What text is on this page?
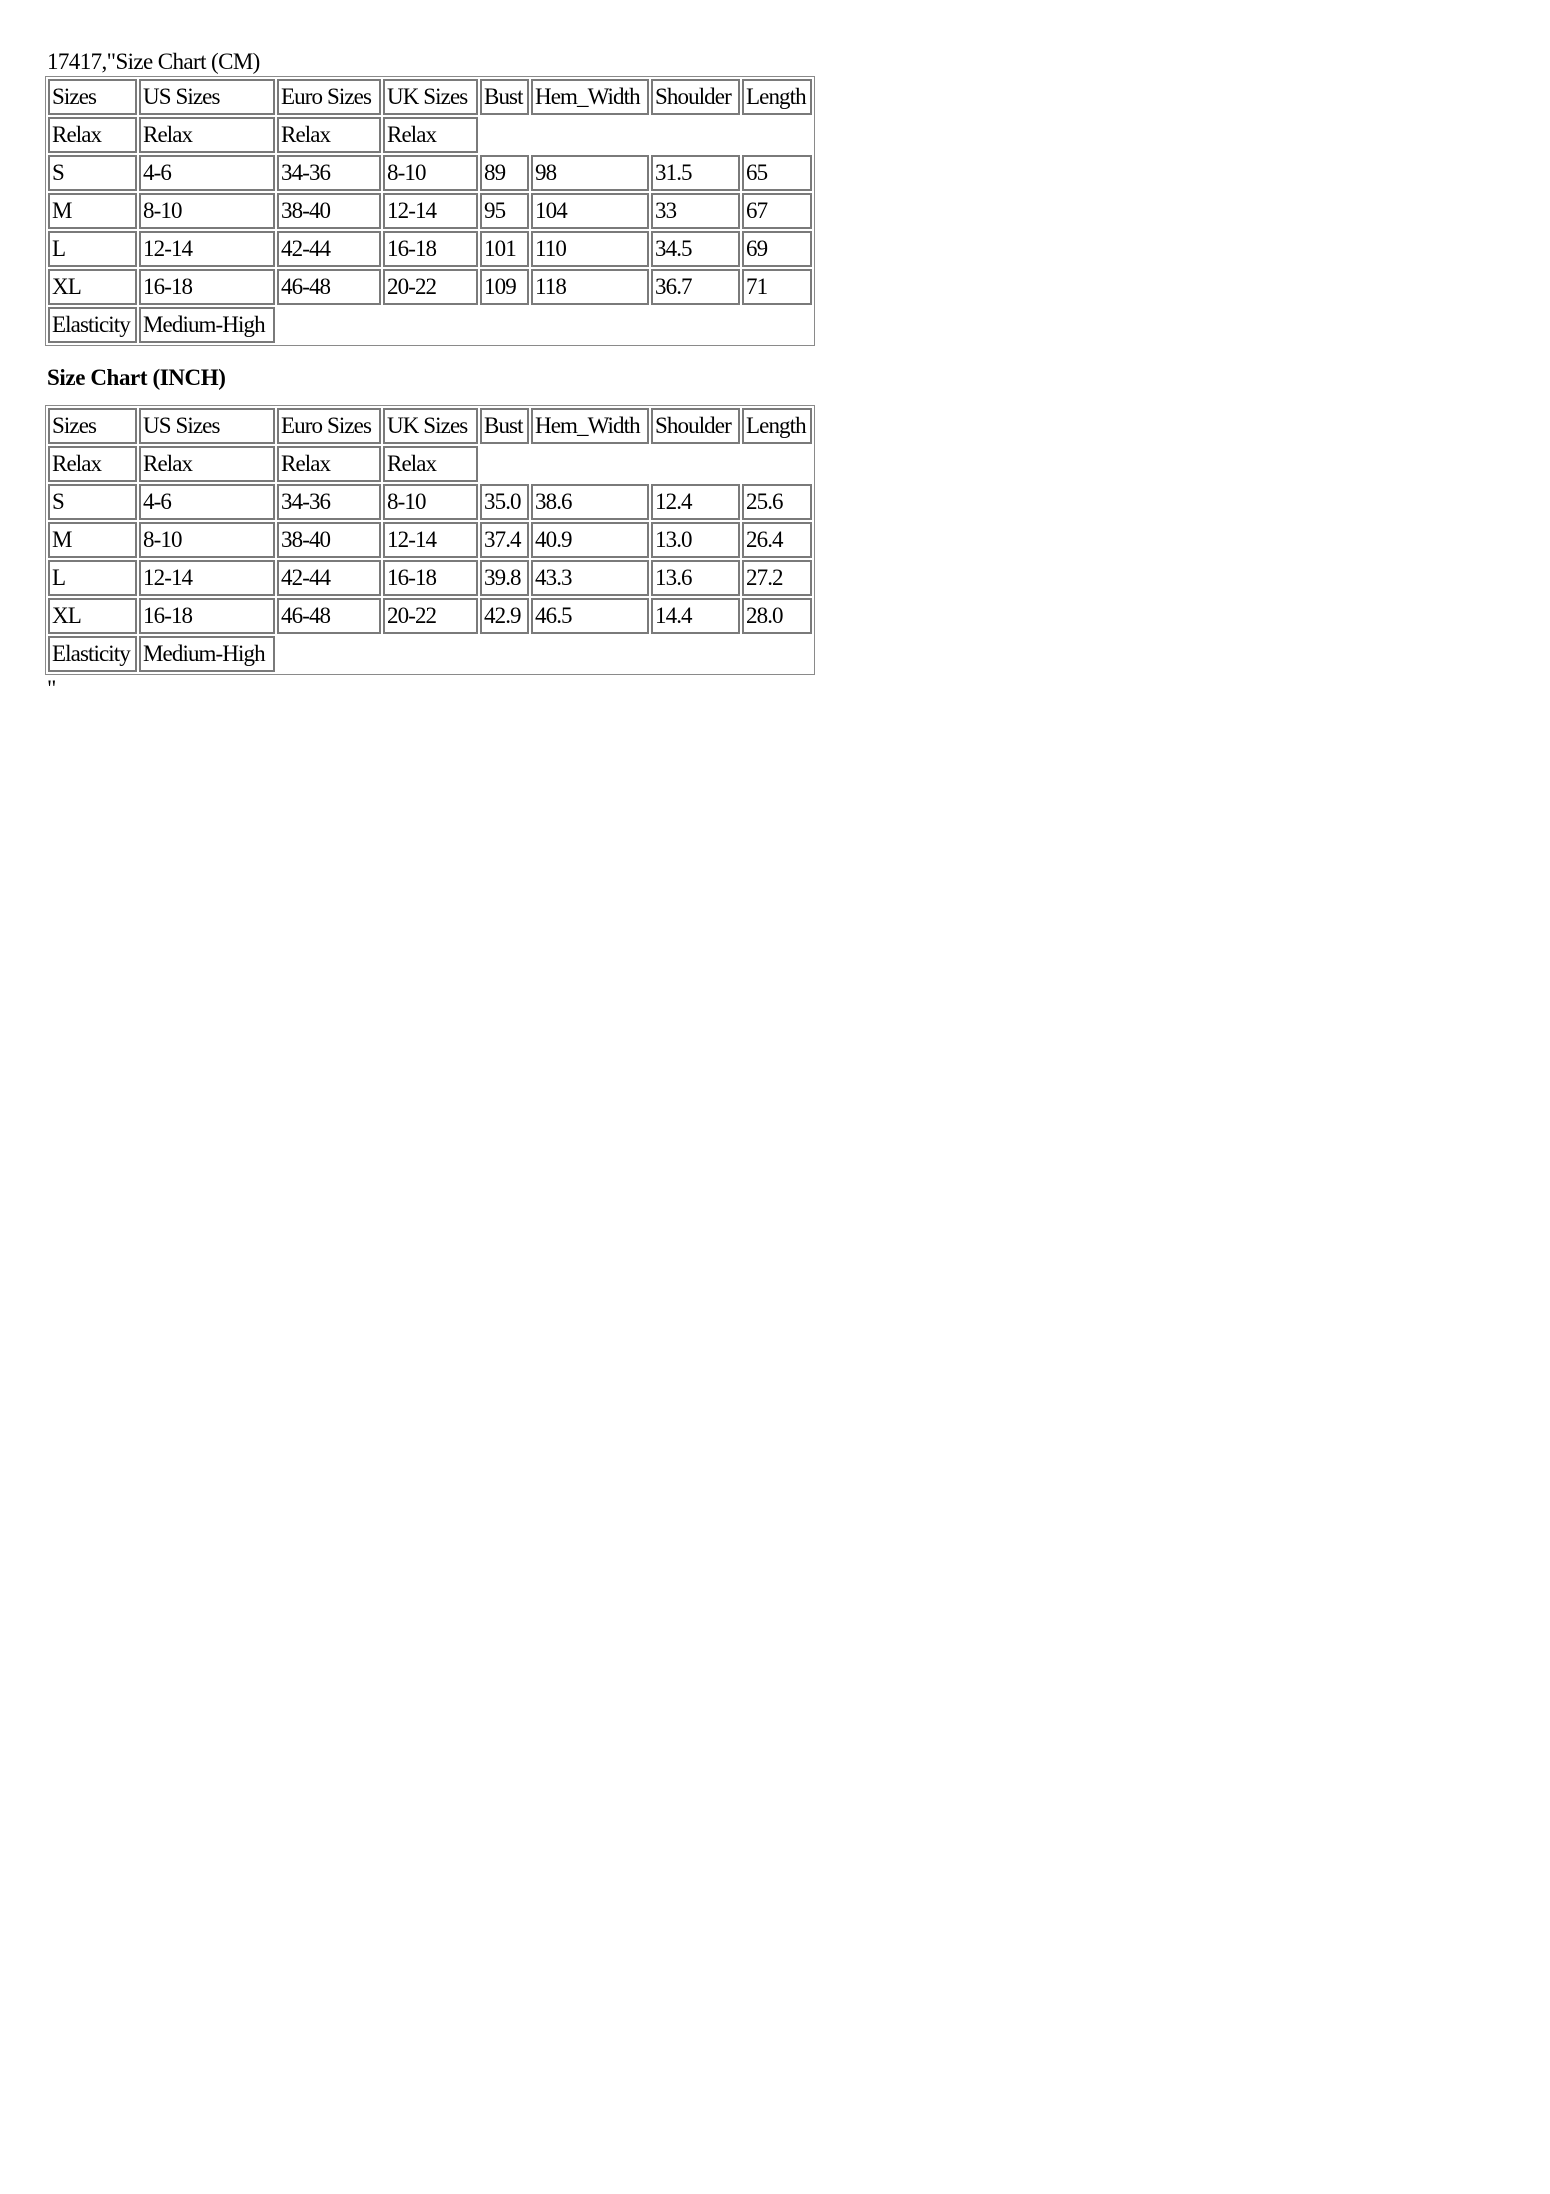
17417,"Size Chart (CM)
Sizes	US Sizes	Euro Sizes	UK Sizes	Bust	Hem_Width	Shoulder	Length
Relax	Relax	Relax	Relax				
S	4-6	34-36	8-10	89	98	31.5	65
M	8-10	38-40	12-14	95	104	33	67
L	12-14	42-44	16-18	101	110	34.5	69
XL	16-18	46-48	20-22	109	118	36.7	71
Elasticity	Medium-High						
Size Chart (INCH)
Sizes	US Sizes	Euro Sizes	UK Sizes	Bust	Hem_Width	Shoulder	Length
Relax	Relax	Relax	Relax				
S	4-6	34-36	8-10	35.0	38.6	12.4	25.6
M	8-10	38-40	12-14	37.4	40.9	13.0	26.4
L	12-14	42-44	16-18	39.8	43.3	13.6	27.2
XL	16-18	46-48	20-22	42.9	46.5	14.4	28.0
Elasticity	Medium-High						
"
